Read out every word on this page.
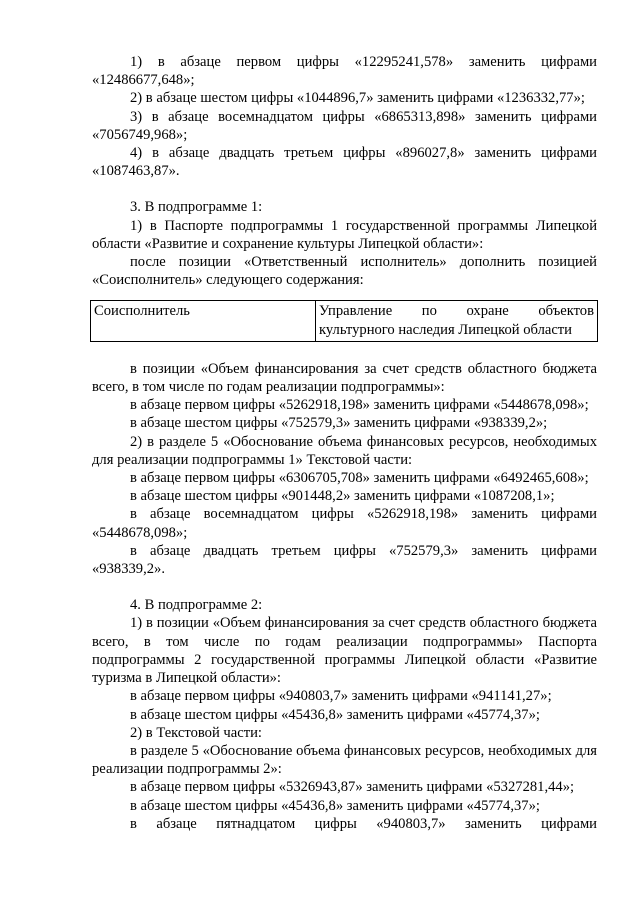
1) в абзаце первом цифры «12295241,578» заменить цифрами «12486677,648»;

2) в абзаце шестом цифры «1044896,7» заменить цифрами «1236332,77»;

3) в абзаце восемнадцатом цифры «6865313,898» заменить цифрами «7056749,968»;

4) в абзаце двадцать третьем цифры «896027,8» заменить цифрами «1087463,87».

3. В подпрограмме 1:

1) в Паспорте подпрограммы 1 государственной программы Липецкой области «Развитие и сохранение культуры Липецкой области»:

после позиции «Ответственный исполнитель» дополнить позицией «Соисполнитель» следующего содержания:

Соисполнитель	Управление по охране объектов культурного наследия Липецкой области

в позиции «Объем финансирования за счет средств областного бюджета всего, в том числе по годам реализации подпрограммы»:

в абзаце первом цифры «5262918,198» заменить цифрами «5448678,098»;

в абзаце шестом цифры «752579,3» заменить цифрами «938339,2»;

2) в разделе 5 «Обоснование объема финансовых ресурсов, необходимых для реализации подпрограммы 1» Текстовой части:

в абзаце первом цифры «6306705,708» заменить цифрами «6492465,608»;

в абзаце шестом цифры «901448,2» заменить цифрами «1087208,1»;

в абзаце восемнадцатом цифры «5262918,198» заменить цифрами «5448678,098»;

в абзаце двадцать третьем цифры «752579,3» заменить цифрами «938339,2».

4. В подпрограмме 2:

1) в позиции «Объем финансирования за счет средств областного бюджета всего, в том числе по годам реализации подпрограммы» Паспорта подпрограммы 2 государственной программы Липецкой области «Развитие туризма в Липецкой области»:

в абзаце первом цифры «940803,7» заменить цифрами «941141,27»;

в абзаце шестом цифры «45436,8» заменить цифрами «45774,37»;

2) в Текстовой части:

в разделе 5 «Обоснование объема финансовых ресурсов, необходимых для реализации подпрограммы 2»:

в абзаце первом цифры «5326943,87» заменить цифрами «5327281,44»;

в абзаце шестом цифры «45436,8» заменить цифрами «45774,37»;

в абзаце пятнадцатом цифры «940803,7» заменить цифрами
